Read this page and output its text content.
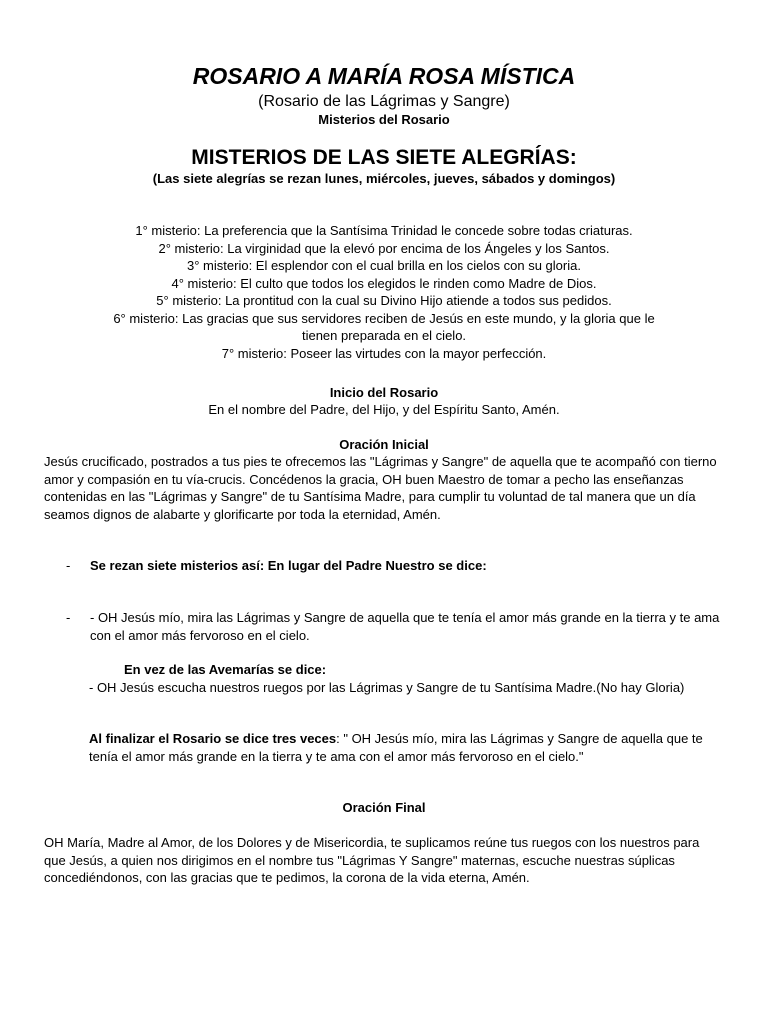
ROSARIO A MARÍA ROSA MÍSTICA
(Rosario de las Lágrimas y Sangre)
Misterios del Rosario
MISTERIOS DE LAS SIETE ALEGRÍAS:
(Las siete alegrías se rezan lunes, miércoles, jueves, sábados y domingos)
1° misterio: La preferencia que la Santísima Trinidad le concede sobre todas criaturas.
2° misterio: La virginidad que la elevó por encima de los Ángeles y los Santos.
3° misterio: El esplendor con el cual brilla en los cielos con su gloria.
4° misterio: El culto que todos los elegidos le rinden como Madre de Dios.
5° misterio: La prontitud con la cual su Divino Hijo atiende a todos sus pedidos.
6° misterio: Las gracias que sus servidores reciben de Jesús en este mundo, y la gloria que le tienen preparada en el cielo.
7° misterio: Poseer las virtudes con la mayor perfección.
Inicio del Rosario
En el nombre del Padre, del Hijo, y del Espíritu Santo, Amén.
Oración Inicial
Jesús crucificado, postrados a tus pies te ofrecemos las "Lágrimas y Sangre" de aquella que te acompañó con tierno amor y compasión en tu vía-crucis. Concédenos la gracia, OH buen Maestro de tomar a pecho las enseñanzas contenidas en las "Lágrimas y Sangre" de tu Santísima Madre, para cumplir tu voluntad de tal manera que un día seamos dignos de alabarte y glorificarte por toda la eternidad, Amén.
-	Se rezan siete misterios así: En lugar del Padre Nuestro se dice:
-	- OH Jesús mío, mira las Lágrimas y Sangre de aquella que te tenía el amor más grande en la tierra y te ama con el amor más fervoroso en el cielo.
En vez de las Avemarías se dice:
- OH Jesús escucha nuestros ruegos por las Lágrimas y Sangre de tu Santísima Madre.(No hay Gloria)
Al finalizar el Rosario se dice tres veces: " OH Jesús mío, mira las Lágrimas y Sangre de aquella que te tenía el amor más grande en la tierra y te ama con el amor más fervoroso en el cielo."
Oración Final
OH María, Madre al Amor, de los Dolores y de Misericordia, te suplicamos reúne tus ruegos con los nuestros para que Jesús, a quien nos dirigimos en el nombre tus "Lágrimas Y Sangre" maternas, escuche nuestras súplicas concediéndonos, con las gracias que te pedimos, la corona de la vida eterna, Amén.
